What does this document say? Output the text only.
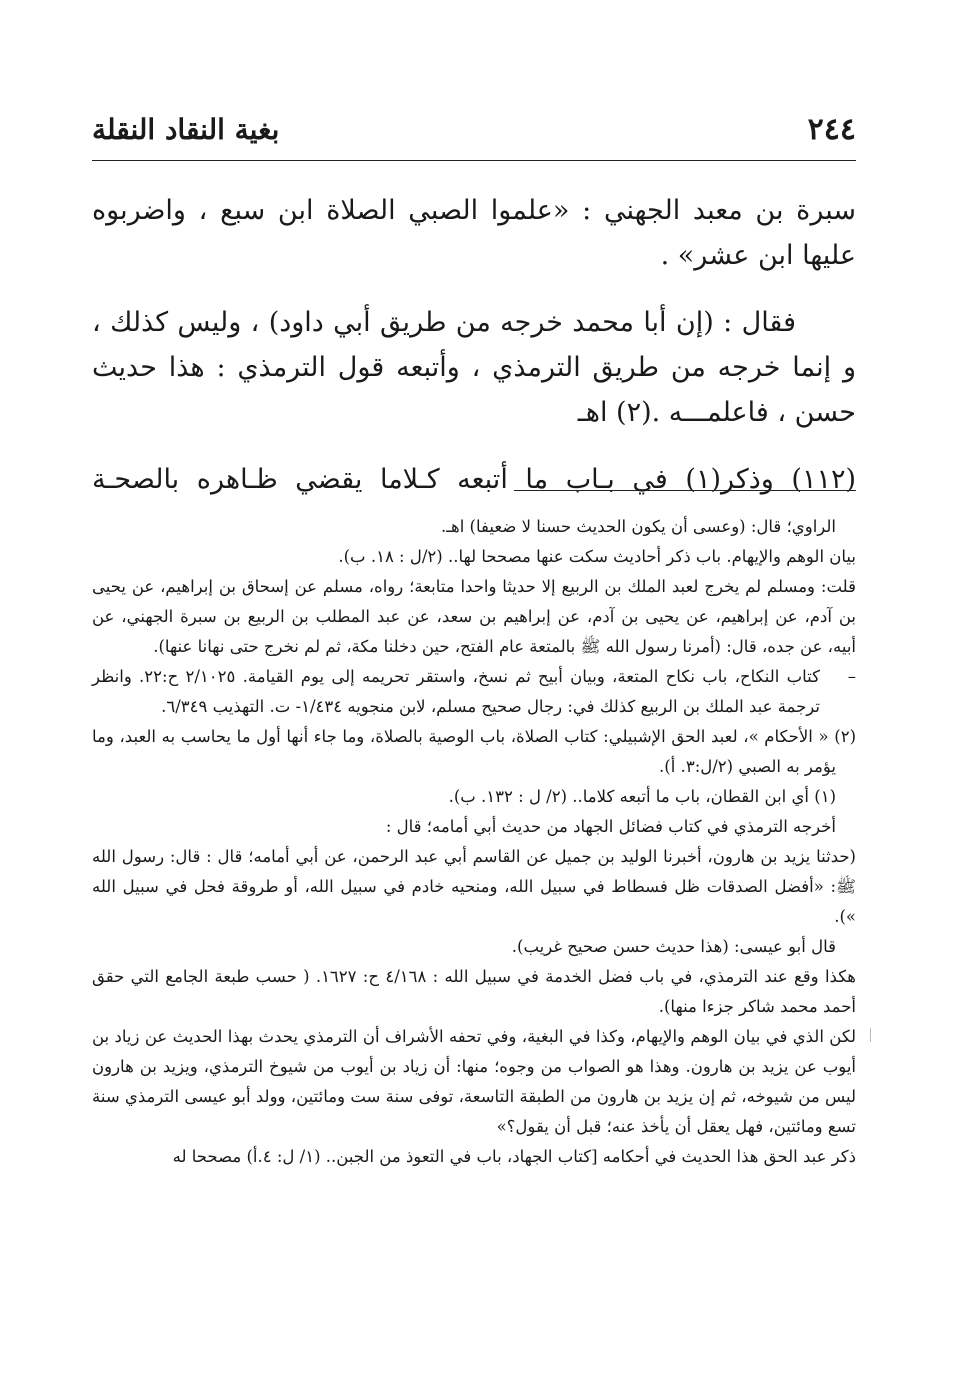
٢٤٤
بغية النقاد النقلة

سبرة بن معبد الجهني : «علموا الصبي الصلاة ابن سبع ، واضربوه عليها ابن عشر» .

فقال : (إن أبا محمد خرجه من طريق أبي داود) ، وليس كذلك ، و إنما خرجه من طريق الترمذي ، وأتبعه قول الترمذي : هذا حديث حسن ، فاعلمـــه .(٢) اهـ

(١١٢) وذكر(١) في بـاب ما أتبعه كـلاما يقضي ظـاهره بالصحـة

الراوي؛ قال: (وعسى أن يكون الحديث حسنا لا ضعيفا) اهـ.

بيان الوهم والإيهام. باب ذكر أحاديث سكت عنها مصححا لها.. (٢/ل : ١٨. ب).

قلت: ومسلم لم يخرج لعبد الملك بن الربيع إلا حديثا واحدا متابعة؛ رواه، مسلم عن إسحاق بن إبراهيم، عن يحيى بن آدم، عن إبراهيم، عن يحيى بن آدم، عن إبراهيم بن سعد، عن عبد المطلب بن الربيع بن سبرة الجهني، عن أبيه، عن جده، قال: (أمرنا رسول الله ﷺ بالمتعة عام الفتح، حين دخلنا مكة، ثم لم نخرج حتى نهانا عنها).

–كتاب النكاح، باب نكاح المتعة، وبيان أبيح ثم نسخ، واستقر تحريمه إلى يوم القيامة. ٢/١٠٢٥ ح:٢٢. وانظر ترجمة عبد الملك بن الربيع كذلك في: رجال صحيح مسلم، لابن منجويه ١/٤٣٤- ت. التهذيب ٦/٣٤٩.

(٢) « الأحكام »، لعبد الحق الإشبيلي: كتاب الصلاة، باب الوصية بالصلاة، وما جاء أنها أول ما يحاسب به العبد، وما يؤمر به الصبي (٢/ل:٣. أ).

(١) أي ابن القطان، باب ما أتبعه كلاما.. (٢/ ل : ١٣٢. ب).

أخرجه الترمذي في كتاب فضائل الجهاد من حديث أبي أمامه؛ قال :

(حدثنا يزيد بن هارون، أخبرنا الوليد بن جميل عن القاسم أبي عبد الرحمن، عن أبي أمامه؛ قال : قال: رسول الله ﷺ: «أفضل الصدقات ظل فسطاط في سبيل الله، ومنحيه خادم في سبيل الله، أو طروقة فحل في سبيل الله »).

قال أبو عيسى: (هذا حديث حسن صحيح غريب).

هكذا وقع عند الترمذي، في باب فضل الخدمة في سبيل الله : ٤/١٦٨ ح: ١٦٢٧. ( حسب طبعة الجامع التي حقق أحمد محمد شاكر جزءا منها).

لكن الذي في بيان الوهم والإيهام، وكذا في البغية، وفي تحفه الأشراف أن الترمذي يحدث بهذا الحديث عن زياد بن أيوب عن يزيد بن هارون. وهذا هو الصواب من وجوه؛ منها: أن زياد بن أيوب من شيوخ الترمذي، ويزيد بن هارون ليس من شيوخه، ثم إن يزيد بن هارون من الطبقة التاسعة، توفى سنة ست ومائتين، وولد أبو عيسى الترمذي سنة تسع ومائتين، فهل يعقل أن يأخذ عنه؛ قبل أن يقول؟»

ذكر عبد الحق هذا الحديث في أحكامه [كتاب الجهاد، باب في التعوذ من الجبن.. (١/ ل: ٤.أ) مصححا له
